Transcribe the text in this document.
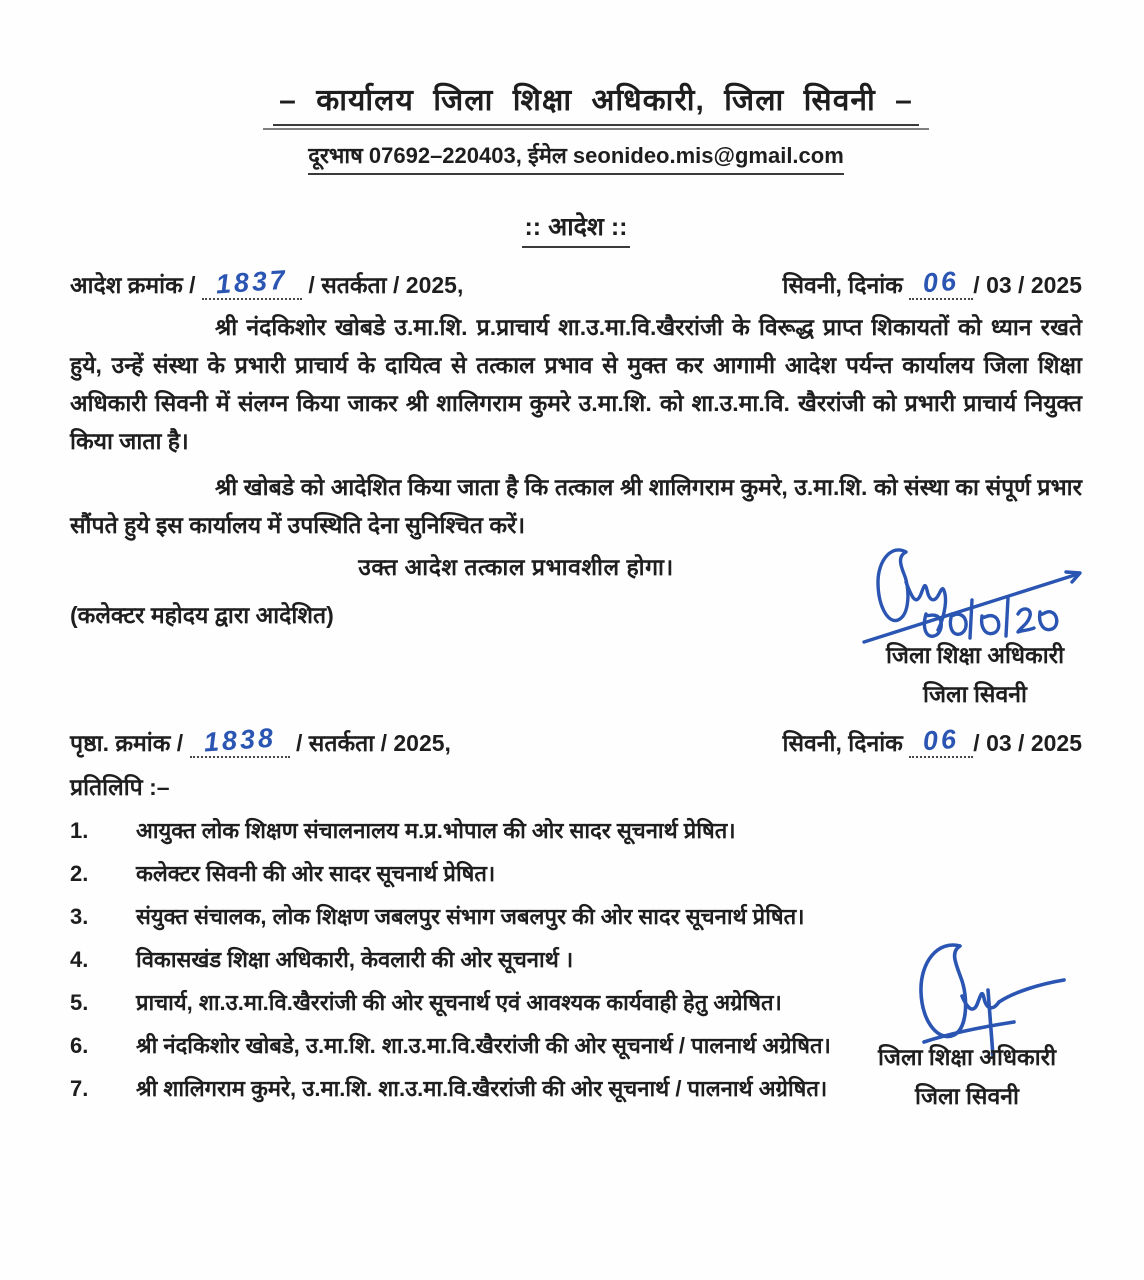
– कार्यालय जिला शिक्षा अधिकारी, जिला सिवनी –
दूरभाष 07692–220403, ईमेल seonideo.mis@gmail.com
:: आदेश ::
आदेश क्रमांक / 1837 / सतर्कता / 2025,	सिवनी, दिनांक 06 / 03 / 2025

श्री नंदकिशोर खोबडे उ.मा.शि. प्र.प्राचार्य शा.उ.मा.वि.खैररांजी के विरूद्ध प्राप्त शिकायतों को ध्यान रखते हुये, उन्हें संस्था के प्रभारी प्राचार्य के दायित्व से तत्काल प्रभाव से मुक्त कर आगामी आदेश पर्यन्त कार्यालय जिला शिक्षा अधिकारी सिवनी में संलग्न किया जाकर श्री शालिगराम कुमरे उ.मा.शि. को शा.उ.मा.वि. खैररांजी को प्रभारी प्राचार्य नियुक्त किया जाता है।

श्री खोबडे को आदेशित किया जाता है कि तत्काल श्री शालिगराम कुमरे, उ.मा.शि. को संस्था का संपूर्ण प्रभार सौंपते हुये इस कार्यालय में उपस्थिति देना सुनिश्चित करें।

उक्त आदेश तत्काल प्रभावशील होगा।

(कलेक्टर महोदय द्वारा आदेशित)

पृष्ठा. क्रमांक / 1838 / सतर्कता / 2025,	सिवनी, दिनांक 06 / 03 / 2025
प्रतिलिपि :–
1.	आयुक्त लोक शिक्षण संचालनालय म.प्र.भोपाल की ओर सादर सूचनार्थ प्रेषित।
2.	कलेक्टर सिवनी की ओर सादर सूचनार्थ प्रेषित।
3.	संयुक्त संचालक, लोक शिक्षण जबलपुर संभाग जबलपुर की ओर सादर सूचनार्थ प्रेषित।
4.	विकासखंड शिक्षा अधिकारी, केवलारी की ओर सूचनार्थ ।
5.	प्राचार्य, शा.उ.मा.वि.खैररांजी की ओर सूचनार्थ एवं आवश्यक कार्यवाही हेतु अग्रेषित।
6.	श्री नंदकिशोर खोबडे, उ.मा.शि. शा.उ.मा.वि.खैररांजी की ओर सूचनार्थ / पालनार्थ अग्रेषित।
7.	श्री शालिगराम कुमरे, उ.मा.शि. शा.उ.मा.वि.खैररांजी की ओर सूचनार्थ / पालनार्थ अग्रेषित।
जिला शिक्षा अधिकारी
जिला सिवनी
जिला शिक्षा अधिकारी
जिला सिवनी
